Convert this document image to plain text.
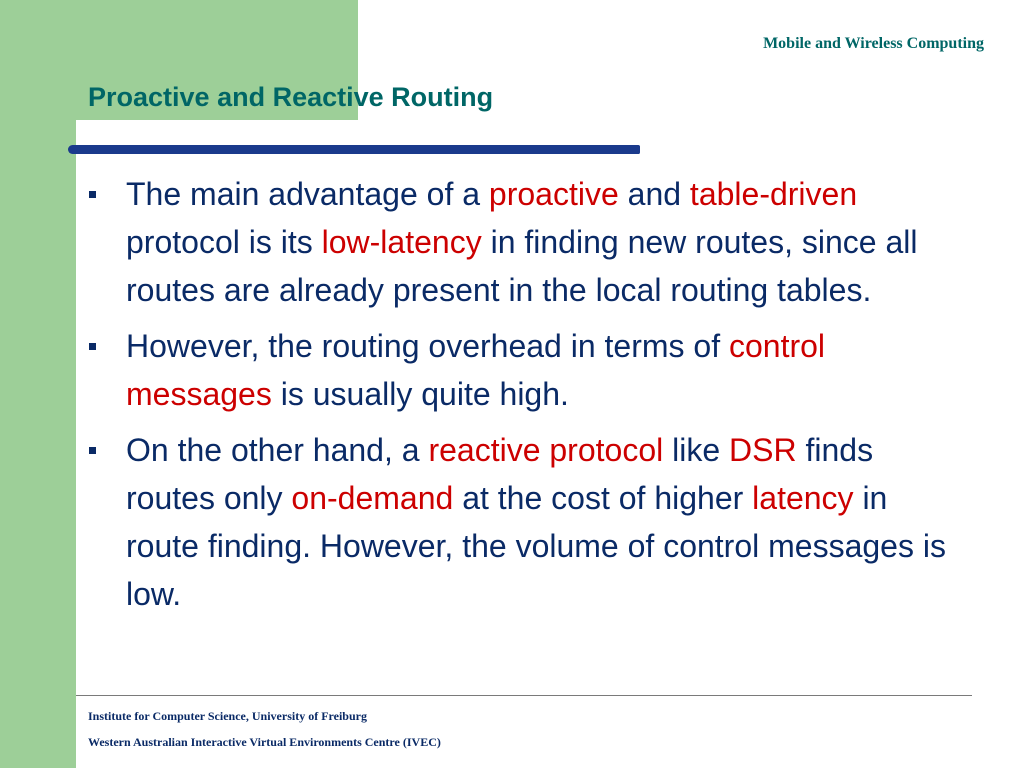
Mobile and Wireless Computing
Proactive and Reactive Routing
The main advantage of a proactive and table-driven protocol is its low-latency in finding new routes, since all routes are already present in the local routing tables.
However, the routing overhead in terms of control messages is usually quite high.
On the other hand, a reactive protocol like DSR finds routes only on-demand at the cost of higher latency in route finding. However, the volume of control messages is low.
Institute for Computer Science, University of Freiburg
Western Australian Interactive Virtual Environments Centre (IVEC)
